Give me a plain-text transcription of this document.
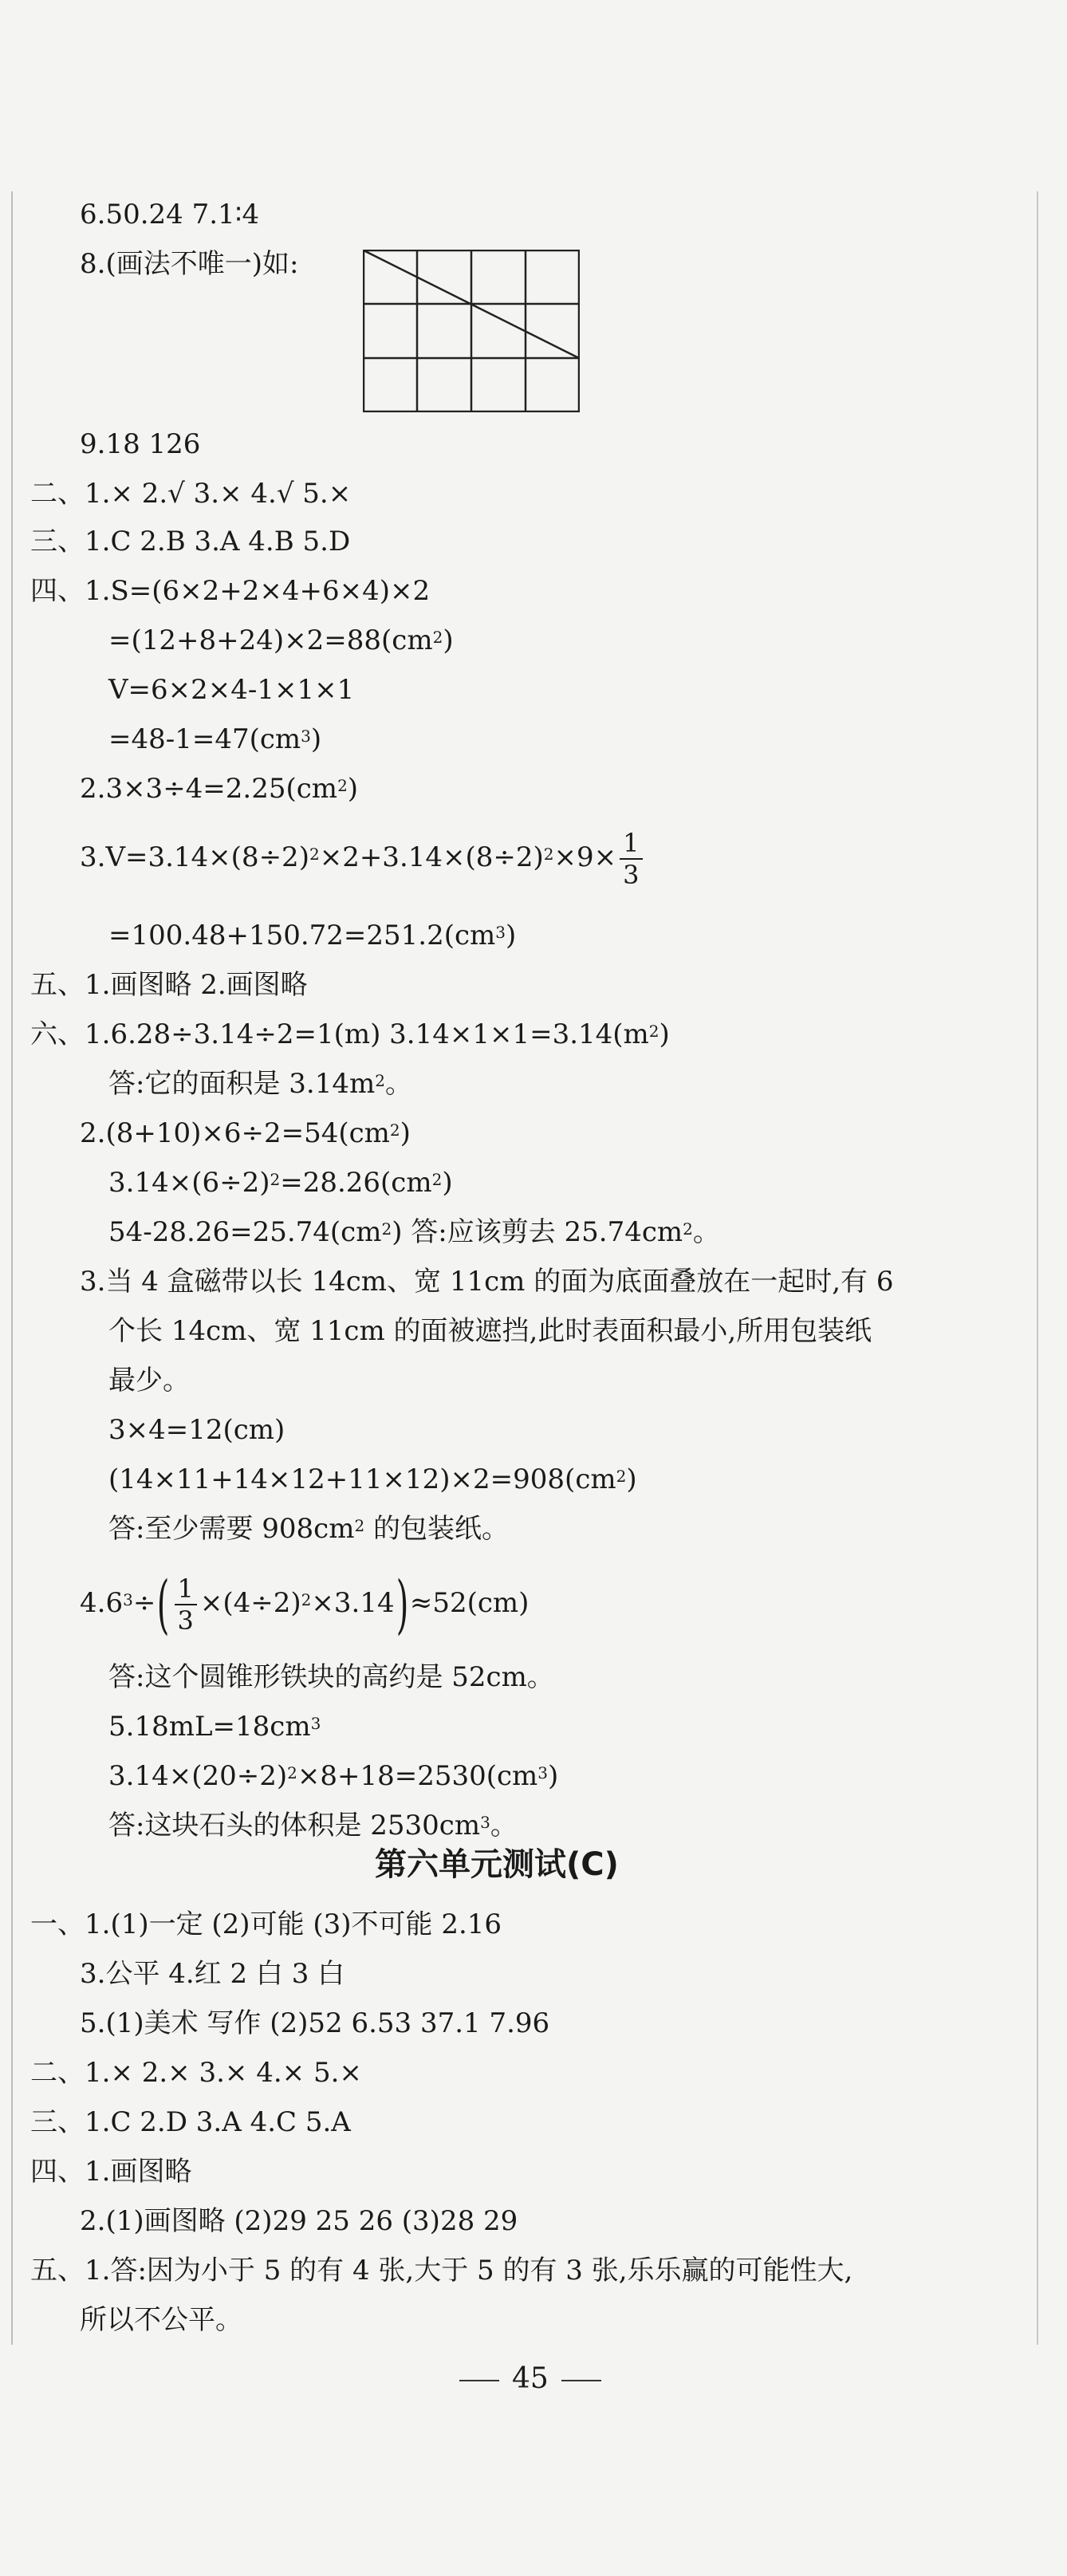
6.50.24 7.1∶4
8.(画法不唯一)如:
9.18 126
二、1.× 2.√ 3.× 4.√ 5.×
三、1.C 2.B 3.A 4.B 5.D
四、1.S=(6×2+2×4+6×4)×2
$=(12+8+24)\times 2=88(cm^2)$
V=6×2×4-1×1×1
$=48-1=47(cm^3)$
$2.3\times 3\div 4=2.25(cm^2)$
$3.V=3.14\times(8\div 2)^2\times 2+3.14\times(8\div 2)^2\times 9\times \frac{1}{3}$
$=100.48+150.72=251.2(cm^3)$
五、1.画图略 2.画图略
六、1.6.28÷3.14÷2=1(m) $3.14\times 1\times 1=3.14(m^2)$
答:它的面积是 $3.14m^2$。
$2.(8+10)\times 6\div 2=54(cm^2)$
$3.14\times(6\div 2)^2=28.26(cm^2)$
$54-28.26=25.74(cm^2)$ 答:应该剪去 $25.74cm^2$。
3.当 4 盒磁带以长 14cm、宽 11cm 的面为底面叠放在一起时,有 6
个长 14cm、宽 11cm 的面被遮挡,此时表面积最小,所用包装纸
最少。
3×4=12(cm)
$(14\times 11+14\times 12+11\times 12)\times 2=908(cm^2)$
答:至少需要 $908cm^2$ 的包装纸。
$4.6^3\div( \frac{1}{3} \times(4\div 2)^2\times 3.14)\approx 52(cm)$
答:这个圆锥形铁块的高约是 52cm。
$5.18mL=18cm^3$
$3.14\times(20\div 2)^2\times 8+18=2530(cm^3)$
答:这块石头的体积是 $2530cm^3$。
第六单元测试(C)
一、1.(1)一定 (2)可能 (3)不可能 2.16
3.公平 4.红 2 白 3 白
5.(1)美术 写作 (2)52 6.53 37.1 7.96
二、1.× 2.× 3.× 4.× 5.×
三、1.C 2.D 3.A 4.C 5.A
四、1.画图略
2.(1)画图略 (2)29 25 26 (3)28 29
五、1.答:因为小于 5 的有 4 张,大于 5 的有 3 张,乐乐赢的可能性大,
所以不公平。
45
